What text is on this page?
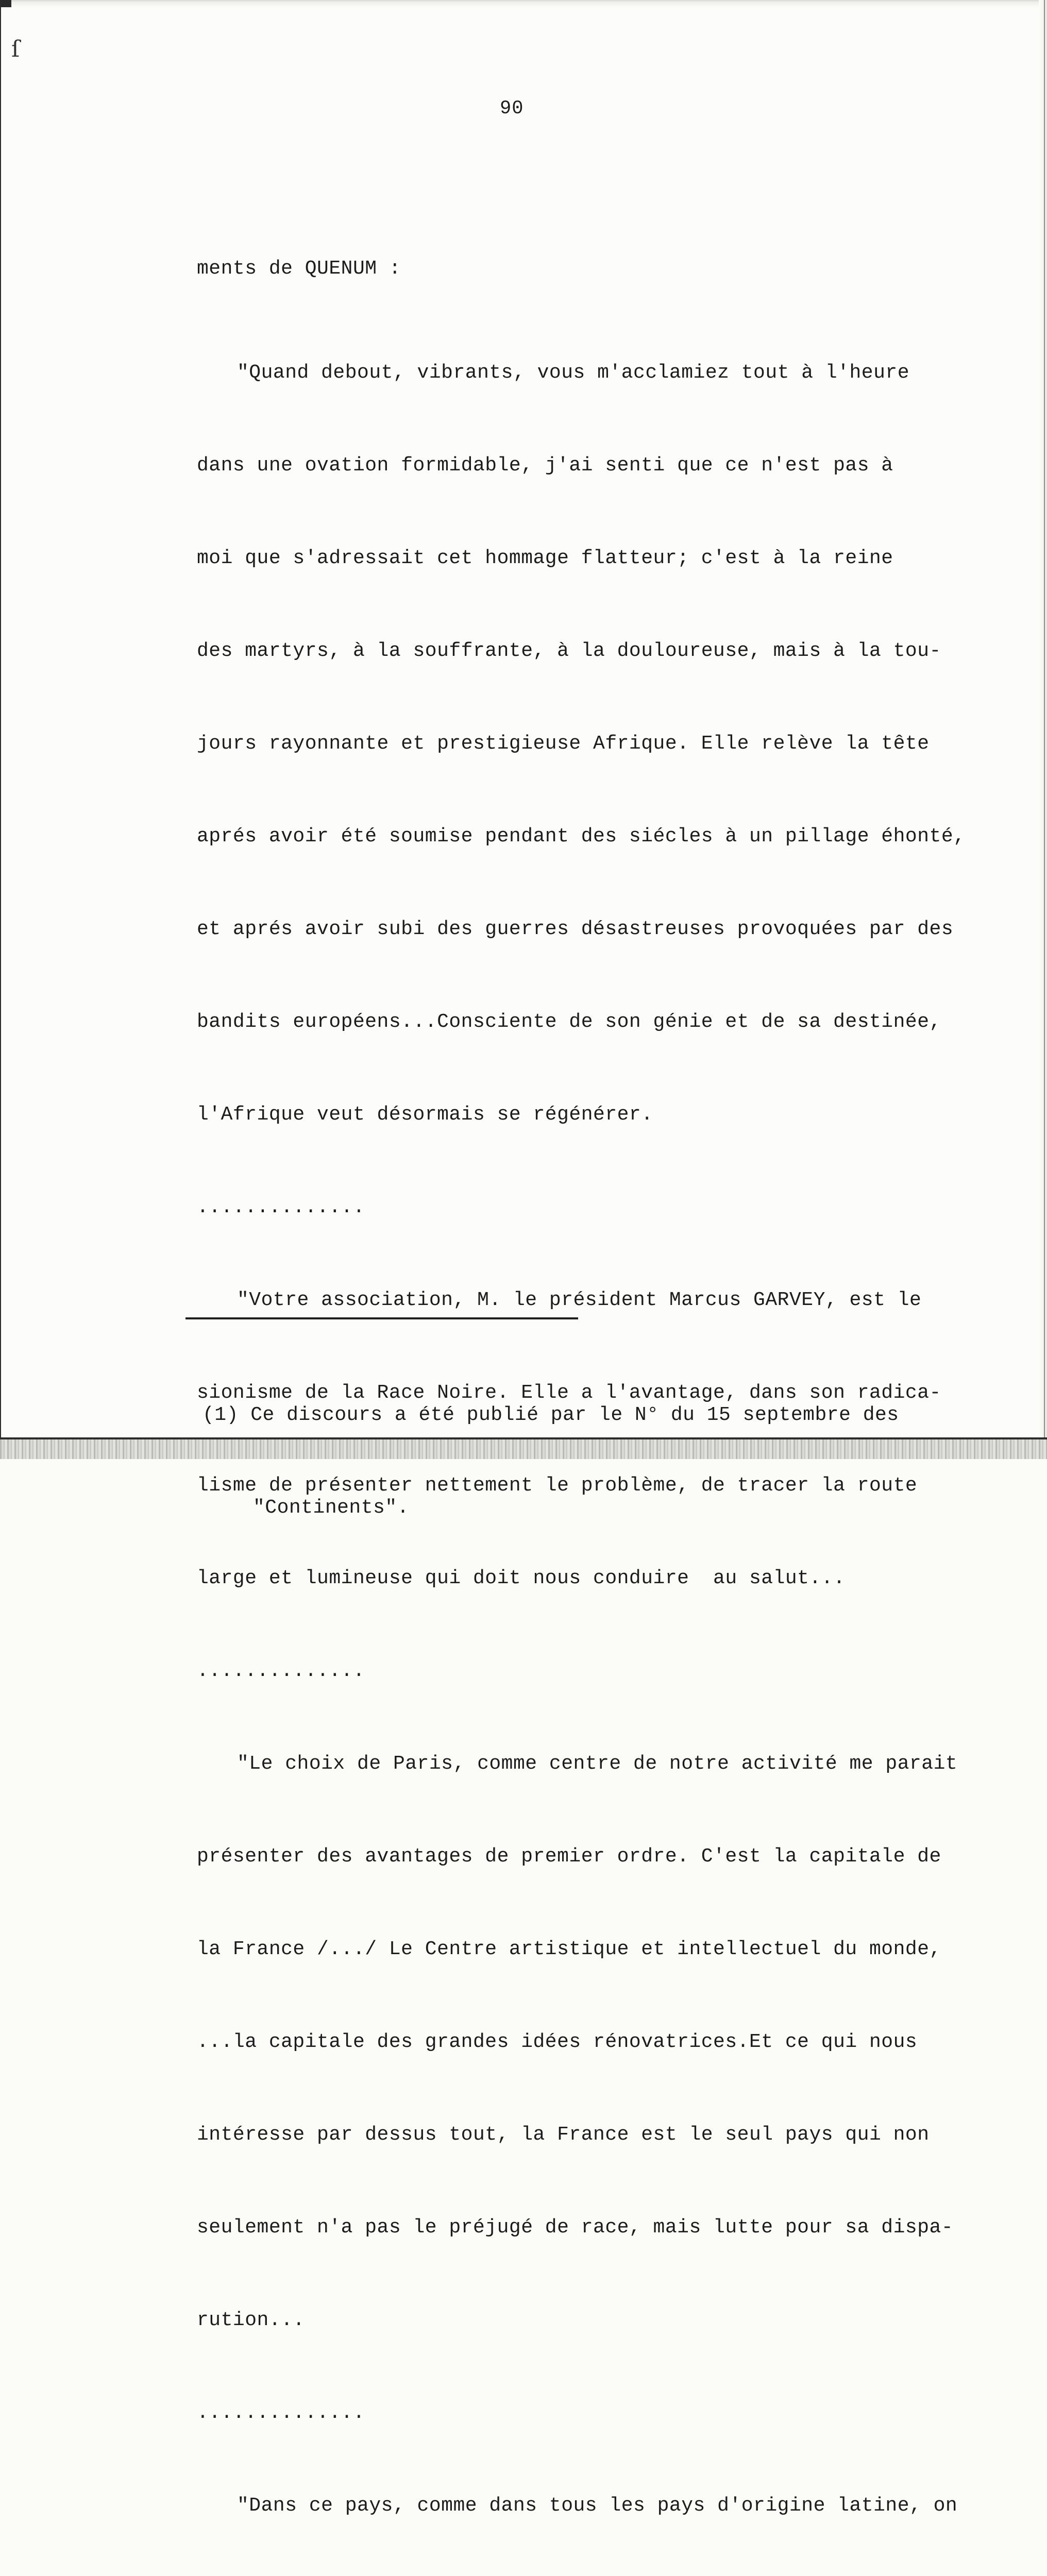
ſ
90

ments de QUENUM :

"Quand debout, vibrants, vous m'acclamiez tout à l'heure

dans une ovation formidable, j'ai senti que ce n'est pas à

moi que s'adressait cet hommage flatteur; c'est à la reine

des martyrs, à la souffrante, à la douloureuse, mais à la tou-

jours rayonnante et prestigieuse Afrique. Elle relève la tête

aprés avoir été soumise pendant des siécles à un pillage éhonté,

et aprés avoir subi des guerres désastreuses provoquées par des

bandits européens...Consciente de son génie et de sa destinée,

l'Afrique veut désormais se régénérer.

..............

"Votre association, M. le président Marcus GARVEY, est le

sionisme de la Race Noire. Elle a l'avantage, dans son radica-

lisme de présenter nettement le problème, de tracer la route

large et lumineuse qui doit nous conduire  au salut...

..............

"Le choix de Paris, comme centre de notre activité me parait

présenter des avantages de premier ordre. C'est la capitale de

la France /.../ Le Centre artistique et intellectuel du monde,

...la capitale des grandes idées rénovatrices.Et ce qui nous

intéresse par dessus tout, la France est le seul pays qui non

seulement n'a pas le préjugé de race, mais lutte pour sa dispa-

rution...

..............

"Dans ce pays, comme dans tous les pays d'origine latine, on

(1) Ce discours a été publié par le N° du 15 septembre des

"Continents".
